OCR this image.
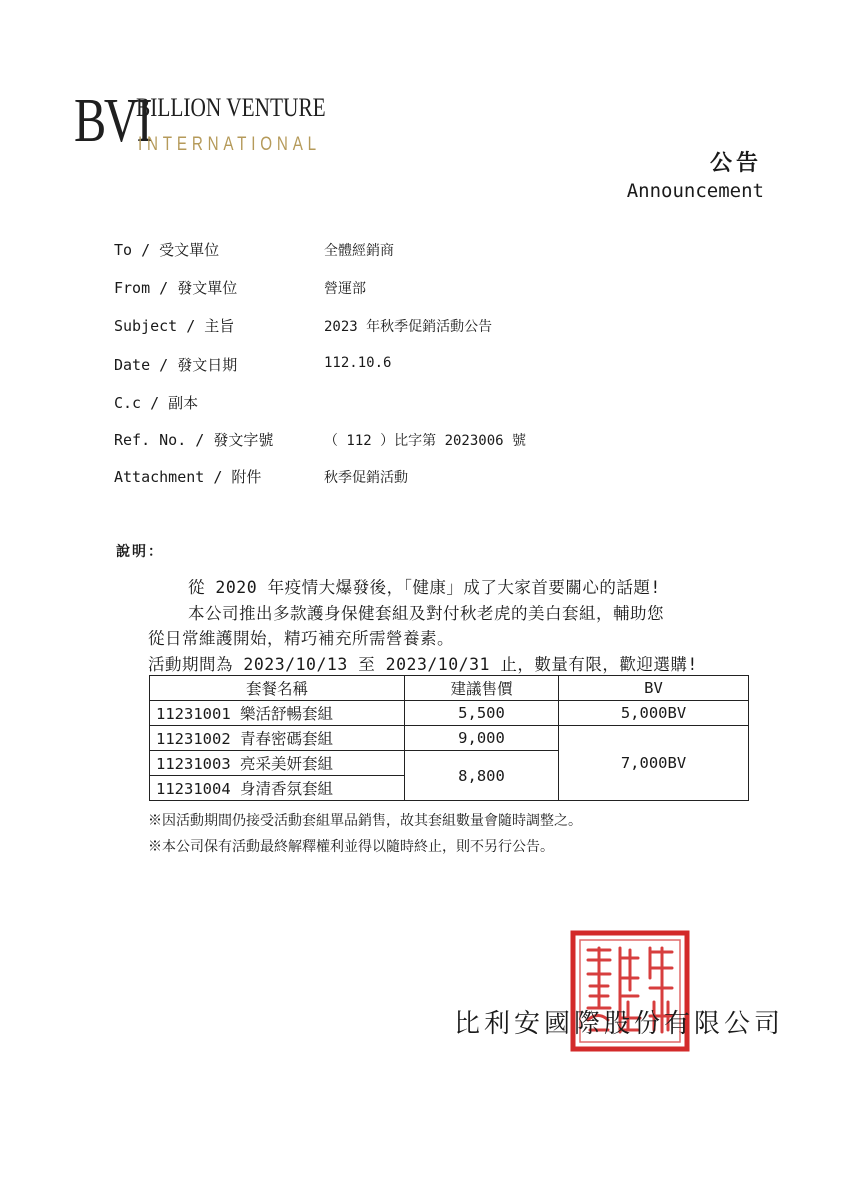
BVI
BILLION VENTURE
INTERNATIONAL
公告
Announcement
To / 受文單位	全體經銷商
From / 發文單位	營運部
Subject / 主旨	2023 年秋季促銷活動公告
Date / 發文日期	112.10.6
C.c / 副本
Ref. No. / 發文字號	（ 112 ）比字第 2023006 號
Attachment / 附件	秋季促銷活動
說明：
從 2020 年疫情大爆發後，「健康」成了大家首要關心的話題!
本公司推出多款護身保健套組及對付秋老虎的美白套組，輔助您
從日常維護開始，精巧補充所需營養素。
活動期間為 2023/10/13 至 2023/10/31 止，數量有限，歡迎選購!
套餐名稱	建議售價	BV
11231001 樂活舒暢套組	5,500	5,000BV
11231002 青春密碼套組	9,000	7,000BV
11231003 亮采美妍套組	8,800	
11231004 身清香氛套組		
※因活動期間仍接受活動套組單品銷售，故其套組數量會隨時調整之。
※本公司保有活動最終解釋權利並得以隨時終止，則不另行公告。
比利安國際股份有限公司
